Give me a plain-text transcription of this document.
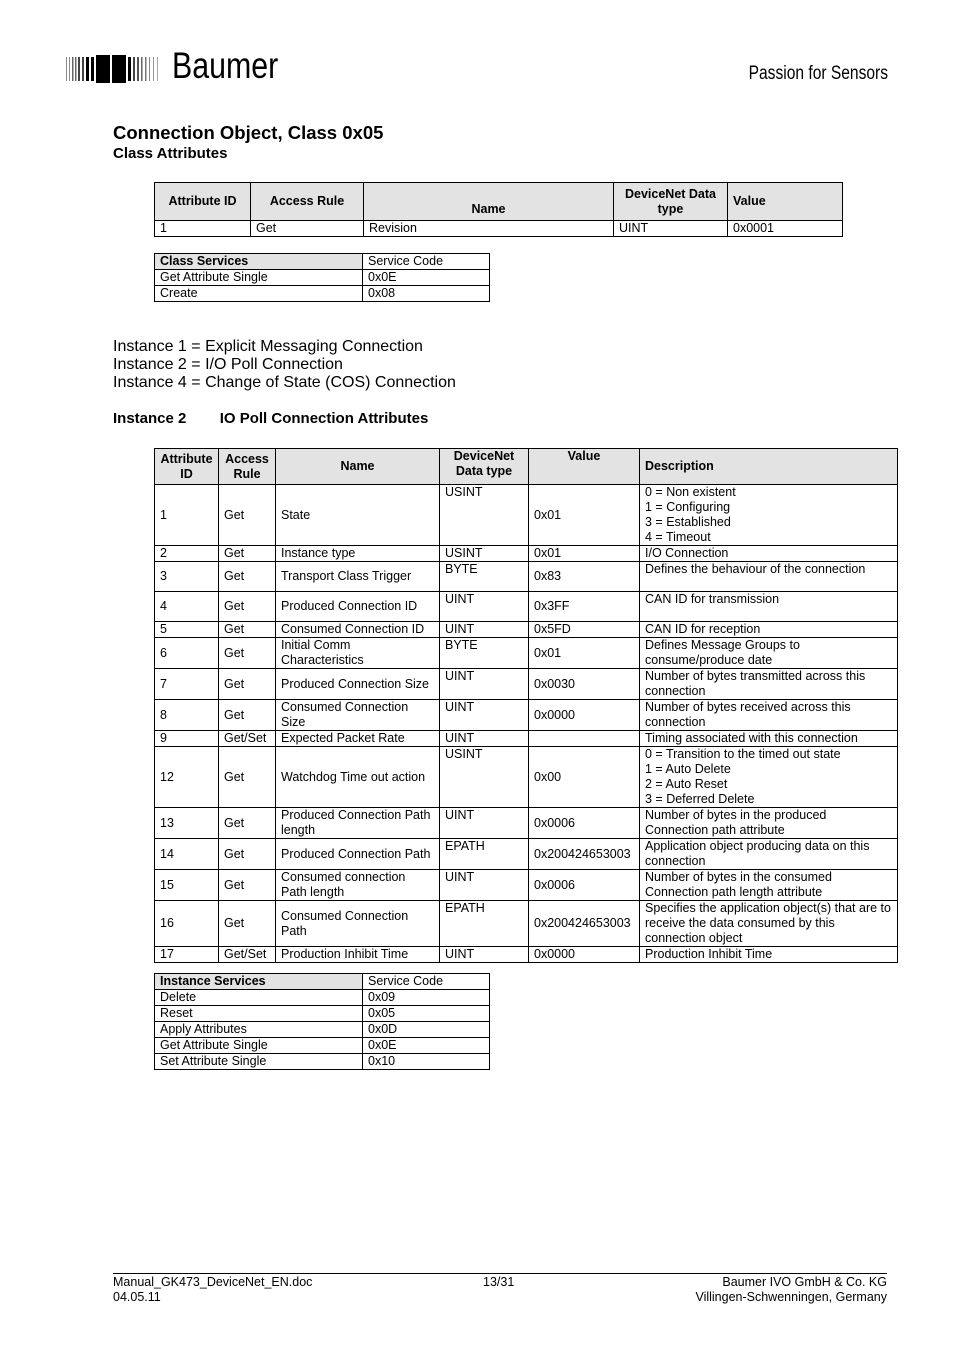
Baumer	Passion for Sensors
Connection Object, Class 0x05
Class Attributes
Attribute ID	Access Rule	Name	DeviceNet Data type	Value
1	Get	Revision	UINT	0x0001
Class Services	Service Code
Get Attribute Single	0x0E
Create	0x08
Instance 1 = Explicit Messaging Connection
Instance 2 = I/O Poll Connection
Instance 4 = Change of State (COS) Connection
Instance 2        IO Poll Connection Attributes
Attribute ID	Access Rule	Name	DeviceNet Data type	Value	Description
1	Get	State	USINT	0x01	0 = Non existent
1 = Configuring
3 = Established
4 = Timeout
2	Get	Instance type	USINT	0x01	I/O Connection
3	Get	Transport Class Trigger	BYTE	0x83	Defines the behaviour of the connection
4	Get	Produced Connection ID	UINT	0x3FF	CAN ID for transmission
5	Get	Consumed Connection ID	UINT	0x5FD	CAN ID for reception
6	Get	Initial Comm Characteristics	BYTE	0x01	Defines Message Groups to consume/produce date
7	Get	Produced Connection Size	UINT	0x0030	Number of bytes transmitted across this connection
8	Get	Consumed Connection Size	UINT	0x0000	Number of bytes received across this connection
9	Get/Set	Expected Packet Rate	UINT		Timing associated with this connection
12	Get	Watchdog Time out action	USINT	0x00	0 = Transition to the timed out state
1 = Auto Delete
2 = Auto Reset
3 = Deferred Delete
13	Get	Produced Connection Path length	UINT	0x0006	Number of bytes in the produced Connection path attribute
14	Get	Produced Connection Path	EPATH	0x200424653003	Application object producing data on this connection
15	Get	Consumed connection Path length	UINT	0x0006	Number of bytes in the consumed Connection path length attribute
16	Get	Consumed Connection Path	EPATH	0x200424653003	Specifies the application object(s) that are to receive the data consumed by this connection object
17	Get/Set	Production Inhibit Time	UINT	0x0000	Production Inhibit Time
Instance Services	Service Code
Delete	0x09
Reset	0x05
Apply Attributes	0x0D
Get Attribute Single	0x0E
Set Attribute Single	0x10
Manual_GK473_DeviceNet_EN.doc
04.05.11
13/31	Baumer IVO GmbH & Co. KG
Villingen-Schwenningen, Germany
